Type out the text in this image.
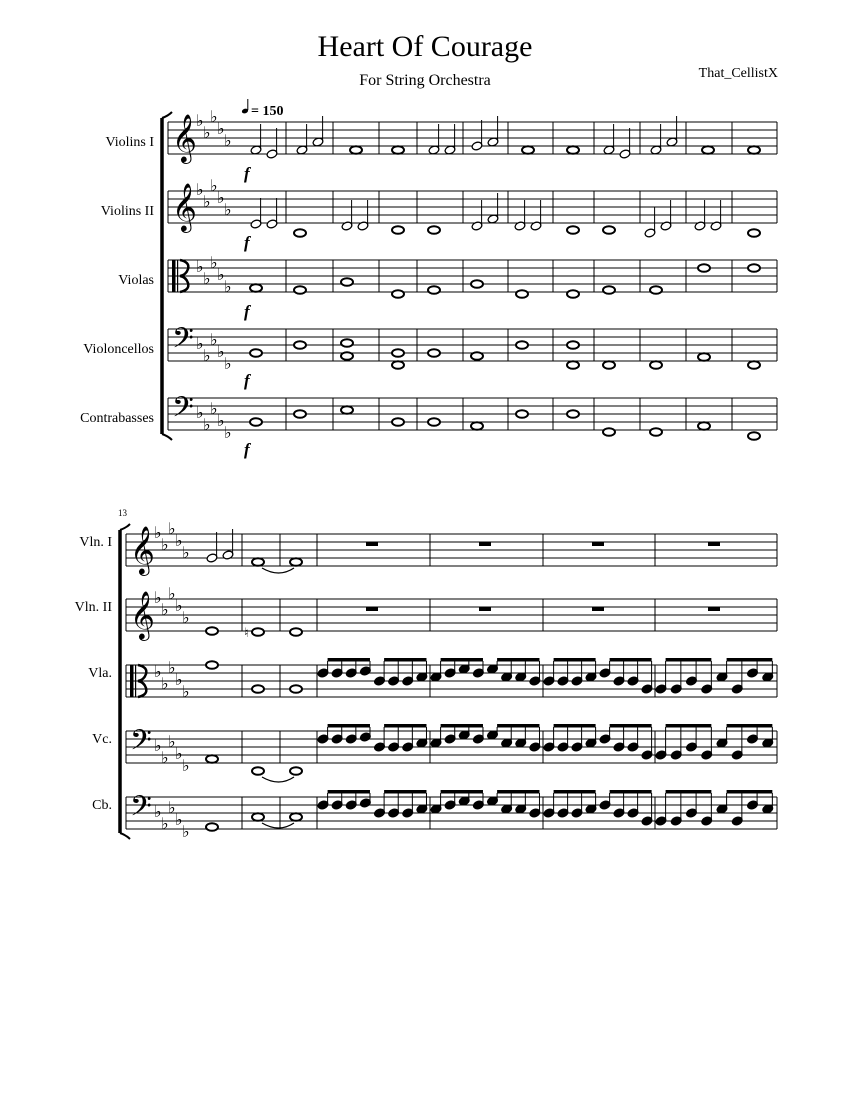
Heart Of Courage
For String Orchestra	That_CellistX
= 150
Violins I
Violins II
Violas
Violoncellos
Contrabasses
13
Vln. I
Vln. II
Vla.
Vc.
Cb.
f
f
f
f
f
𝄞 ♭
♭
♭
♭
♭
𝄞 ♭
♭
♭
♭
♭
♭
♭
♭
♭
♭
𝄢 ♭
♭
♭
♭
♭
𝄢 ♭
♭
♭
♭
♭
𝄞 ♭
♭
♭
♭
♭
𝄞 ♭
♭
♭
♭
♭
♭
♭
♭
♭
♭
𝄢 ♭
♭
♭
♭
♭
𝄢 ♭
♭
♭
♭
♭
♮
